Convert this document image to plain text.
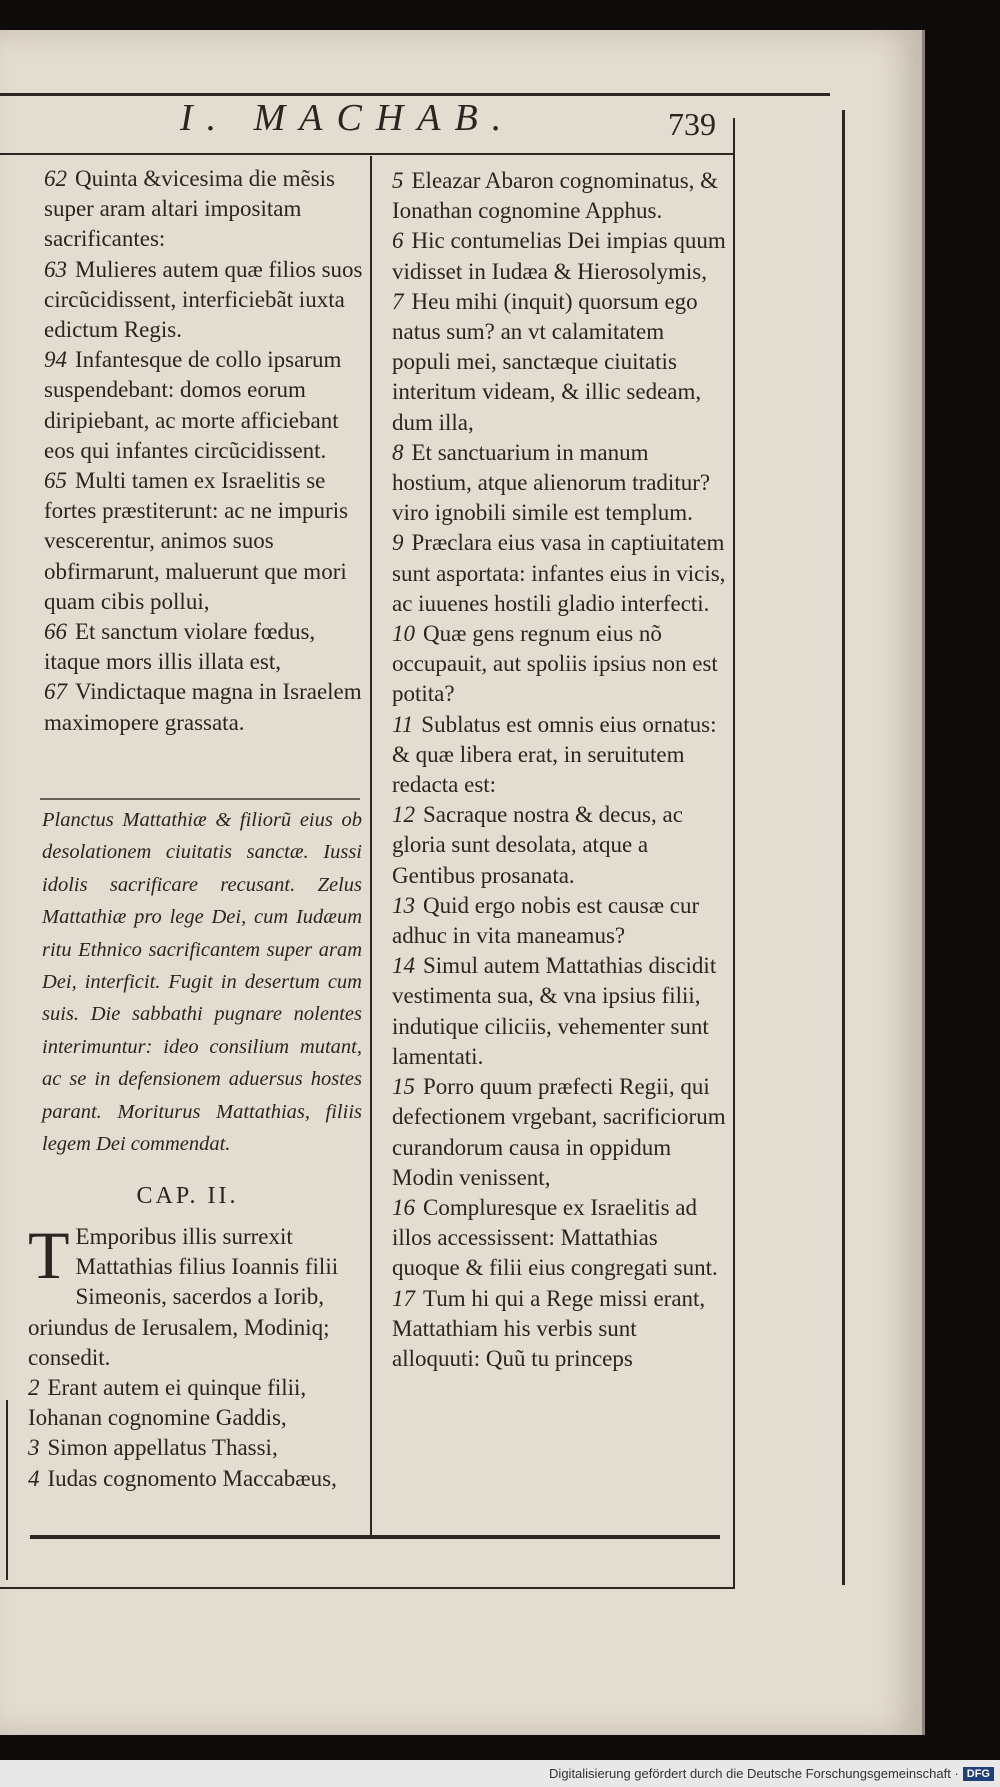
I. MACHAB.	739

62 Quinta &vicesima die mẽsis super aram altari impositam sacrificantes:

63 Mulieres autem quæ filios suos circũcidissent, interficiebãt iuxta edictum Regis.

94 Infantesque de collo ipsarum suspendebant: domos eorum diripiebant, ac morte afficiebant eos qui infantes circũcidissent.

65 Multi tamen ex Israelitis se fortes præstiterunt: ac ne impuris vescerentur, animos suos obfirmarunt, maluerunt que mori quam cibis pollui,

66 Et sanctum violare fœdus, itaque mors illis illata est,

67 Vindictaque magna in Israelem maximopere grassata.

Planctus Mattathiæ & filiorũ eius ob desolationem ciuitatis sanctæ. Iussi idolis sacrificare recusant. Zelus Mattathiæ pro lege Dei, cum Iudæum ritu Ethnico sacrificantem super aram Dei, interficit. Fugit in desertum cum suis. Die sabbathi pugnare nolentes interimuntur: ideo consilium mutant, ac se in defensionem aduersus hostes parant. Moriturus Mattathias, filiis legem Dei commendat.
CAP. II.

T Emporibus illis surrexit Mattathias filius Ioannis filii Simeonis, sacerdos a Iorib, oriundus de Ierusalem, Modiniq; consedit.

2 Erant autem ei quinque filii, Iohanan cognomine Gaddis,

3 Simon appellatus Thassi,

4 Iudas cognomento Maccabæus,

5 Eleazar Abaron cognominatus, & Ionathan cognomine Apphus.

6 Hic contumelias Dei impias quum vidisset in Iudæa & Hierosolymis,

7 Heu mihi (inquit) quorsum ego natus sum? an vt calamitatem populi mei, sanctæque ciuitatis interitum videam, & illic sedeam, dum illa,

8 Et sanctuarium in manum hostium, atque alienorum traditur? viro ignobili simile est templum.

9 Præclara eius vasa in captiuitatem sunt asportata: infantes eius in vicis, ac iuuenes hostili gladio interfecti.

10 Quæ gens regnum eius nõ occupauit, aut spoliis ipsius non est potita?

11 Sublatus est omnis eius ornatus: & quæ libera erat, in seruitutem redacta est:

12 Sacraque nostra & decus, ac gloria sunt desolata, atque a Gentibus prosanata.

13 Quid ergo nobis est causæ cur adhuc in vita maneamus?

14 Simul autem Mattathias discidit vestimenta sua, & vna ipsius filii, indutique ciliciis, vehementer sunt lamentati.

15 Porro quum præfecti Regii, qui defectionem vrgebant, sacrificiorum curandorum causa in oppidum Modin venissent,

16 Compluresque ex Israelitis ad illos accessissent: Mattathias quoque & filii eius congregati sunt.

17 Tum hi qui a Rege missi erant, Mattathiam his verbis sunt alloquuti: Quũ tu princeps

Digitalisierung gefördert durch die Deutsche Forschungsgemeinschaft · DFG
